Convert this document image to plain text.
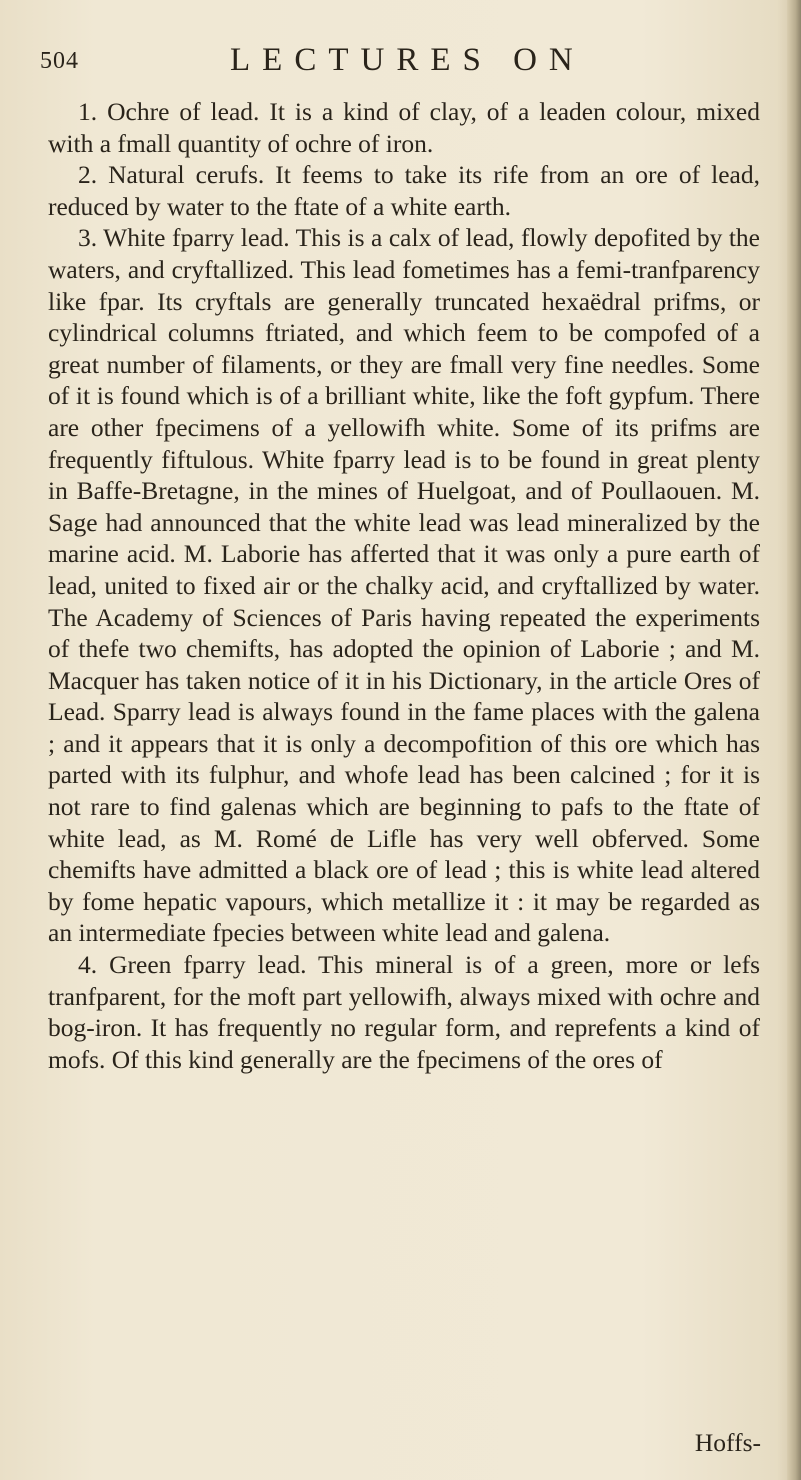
504	LECTURES ON

1. Ochre of lead. It is a kind of clay, of a leaden colour, mixed with a fmall quantity of ochre of iron.

2. Natural cerufs. It feems to take its rife from an ore of lead, reduced by water to the ftate of a white earth.

3. White fparry lead. This is a calx of lead, flowly depofited by the waters, and cryftallized. This lead fometimes has a femi-tranfparency like fpar. Its cryftals are generally truncated hexaëdral prifms, or cylindrical columns ftriated, and which feem to be compofed of a great number of filaments, or they are fmall very fine needles. Some of it is found which is of a brilliant white, like the foft gypfum. There are other fpecimens of a yellowifh white. Some of its prifms are frequently fiftulous. White fparry lead is to be found in great plenty in Baffe-Bretagne, in the mines of Huelgoat, and of Poullaouen. M. Sage had announced that the white lead was lead mineralized by the marine acid. M. Laborie has afferted that it was only a pure earth of lead, united to fixed air or the chalky acid, and cryftallized by water. The Academy of Sciences of Paris having repeated the experiments of thefe two chemifts, has adopted the opinion of Laborie ; and M. Macquer has taken notice of it in his Dictionary, in the article Ores of Lead. Sparry lead is always found in the fame places with the galena ; and it appears that it is only a decompofition of this ore which has parted with its fulphur, and whofe lead has been calcined ; for it is not rare to find galenas which are beginning to pafs to the ftate of white lead, as M. Romé de Lifle has very well obferved. Some chemifts have admitted a black ore of lead ; this is white lead altered by fome hepatic vapours, which metallize it : it may be regarded as an intermediate fpecies between white lead and galena.

4. Green fparry lead. This mineral is of a green, more or lefs tranfparent, for the moft part yellowifh, always mixed with ochre and bog-iron. It has frequently no regular form, and reprefents a kind of mofs. Of this kind generally are the fpecimens of the ores of

Hoffs-
